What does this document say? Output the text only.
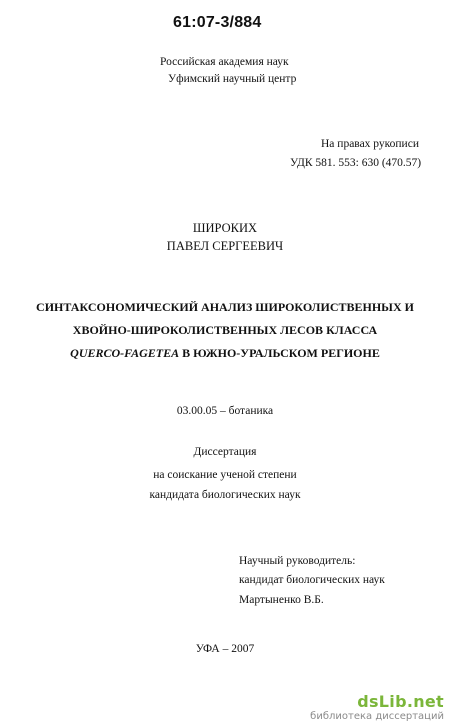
61:07-3/884
Российская академия наук
Уфимский научный центр
На правах рукописи
УДК 581. 553: 630 (470.57)
ШИРОКИХ
ПАВЕЛ СЕРГЕЕВИЧ
СИНТАКСОНОМИЧЕСКИЙ АНАЛИЗ ШИРОКОЛИСТВЕННЫХ И
ХВОЙНО-ШИРОКОЛИСТВЕННЫХ ЛЕСОВ КЛАССА
QUERCO-FAGETEA В ЮЖНО-УРАЛЬСКОМ РЕГИОНЕ
03.00.05 – ботаника
Диссертация
на соискание ученой степени
кандидата биологических наук
Научный руководитель:
кандидат биологических наук
Мартыненко В.Б.
УФА – 2007
dsLib.net
библиотека диссертаций
